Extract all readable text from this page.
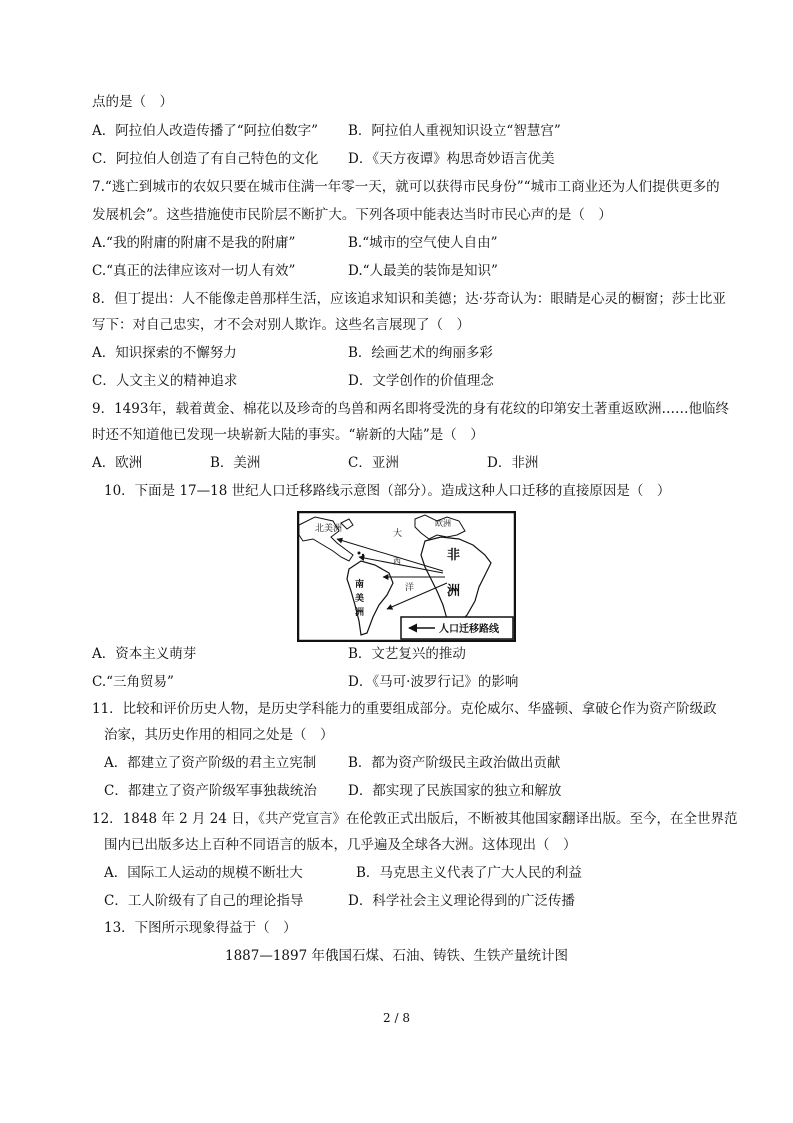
点的是（　）
A．阿拉伯人改造传播了“阿拉伯数字” B．阿拉伯人重视知识设立“智慧宫”
C．阿拉伯人创造了有自己特色的文化 D．《天方夜谭》构思奇妙语言优美
7.“逃亡到城市的农奴只要在城市住满一年零一天，就可以获得市民身份”“城市工商业还为人们提供更多的
发展机会”。这些措施使市民阶层不断扩大。下列各项中能表达当时市民心声的是（　）
A.“我的附庸的附庸不是我的附庸”	B.“城市的空气使人自由”
C.“真正的法律应该对一切人有效”	D.“人最美的装饰是知识”
8．但丁提出：人不能像走兽那样生活，应该追求知识和美德；达·芬奇认为：眼睛是心灵的橱窗；莎士比亚
写下：对自己忠实，才不会对别人欺诈。这些名言展现了（　）
A．知识探索的不懈努力	B．绘画艺术的绚丽多彩
C．人文主义的精神追求	D．文学创作的价值理念
9．1493年，载着黄金、棉花以及珍奇的鸟兽和两名即将受洗的身有花纹的印第安土著重返欧洲……他临终
时还不知道他已发现一块崭新大陆的事实。“崭新的大陆”是（　）
A．欧洲	B．美洲	C．亚洲	D．非洲
10．下面是 17—18 世纪人口迁移路线示意图（部分）。造成这种人口迁移的直接原因是（　）
北美洲
欧洲
大
西
洋
非
洲
南
美
洲
人口迁移路线
A．资本主义萌芽	B．文艺复兴的推动
C.“三角贸易”	D．《马可·波罗行记》的影响
11．比较和评价历史人物，是历史学科能力的重要组成部分。克伦威尔、华盛顿、拿破仑作为资产阶级政
治家，其历史作用的相同之处是（　）
A．都建立了资产阶级的君主立宪制 B．都为资产阶级民主政治做出贡献
C．都建立了资产阶级军事独裁统治 D．都实现了民族国家的独立和解放
12．1848 年 2 月 24 日，《共产党宣言》在伦敦正式出版后，不断被其他国家翻译出版。至今，在全世界范
围内已出版多达上百种不同语言的版本，几乎遍及全球各大洲。这体现出（　）
A．国际工人运动的规模不断壮大	B．马克思主义代表了广大人民的利益
C．工人阶级有了自己的理论指导	D．科学社会主义理论得到的广泛传播
13．下图所示现象得益于（　）
1887—1897 年俄国石煤、石油、铸铁、生铁产量统计图
2 / 8
